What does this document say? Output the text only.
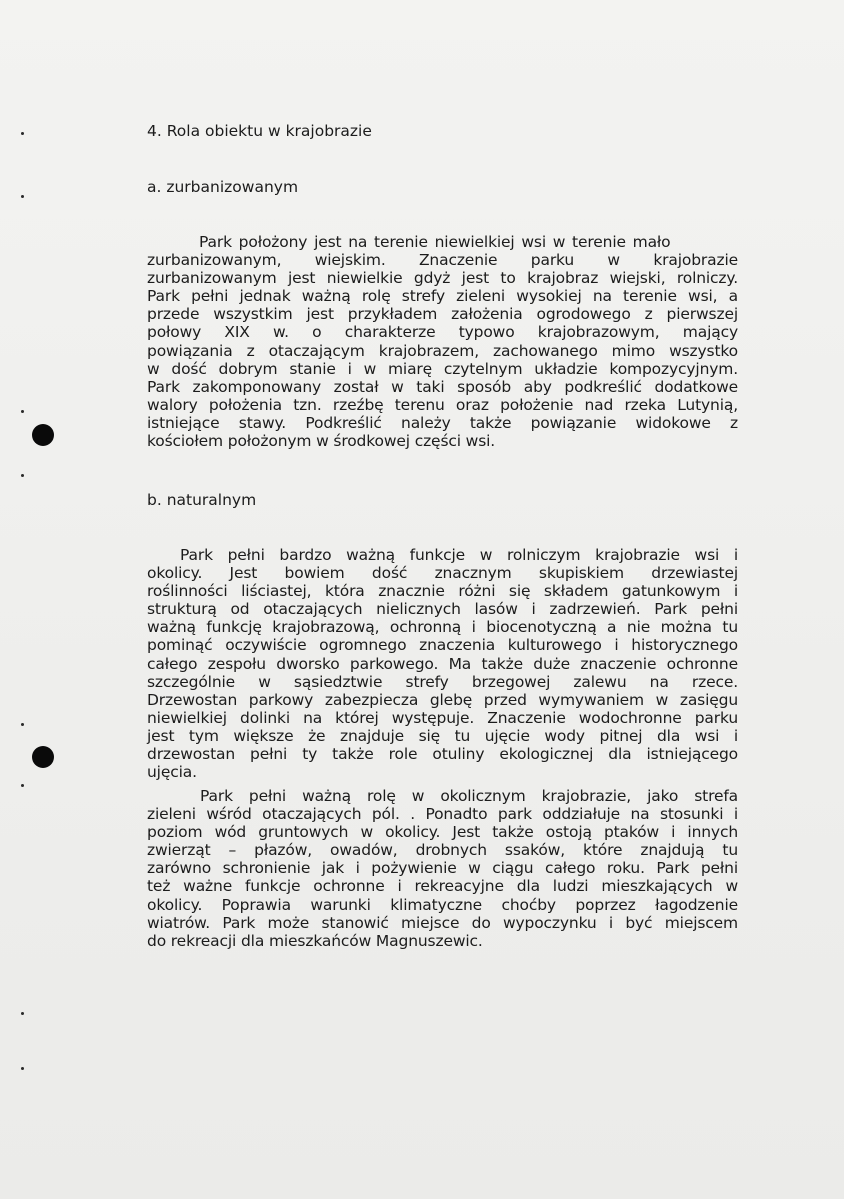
4. Rola obiektu w krajobrazie
a. zurbanizowanym
Park położony jest na terenie niewielkiej wsi w terenie mało
zurbanizowanym, wiejskim. Znaczenie parku w krajobrazie
zurbanizowanym jest niewielkie gdyż jest to krajobraz wiejski, rolniczy.
Park pełni jednak ważną rolę strefy zieleni wysokiej na terenie wsi, a
przede wszystkim jest przykładem założenia ogrodowego z pierwszej
połowy XIX w. o charakterze typowo krajobrazowym, mający
powiązania z otaczającym krajobrazem, zachowanego mimo wszystko
w dość dobrym stanie i w miarę czytelnym układzie kompozycyjnym.
Park zakomponowany został w taki sposób aby podkreślić dodatkowe
walory położenia tzn. rzeźbę terenu oraz położenie nad rzeka Lutynią,
istniejące stawy. Podkreślić należy także powiązanie widokowe z
kościołem położonym w środkowej części wsi.
b. naturalnym
Park pełni bardzo ważną funkcje w rolniczym krajobrazie wsi i
okolicy. Jest bowiem dość znacznym skupiskiem drzewiastej
roślinności liściastej, która znacznie różni się składem gatunkowym i
strukturą od otaczających nielicznych lasów i zadrzewień. Park pełni
ważną funkcję krajobrazową, ochronną i biocenotyczną a nie można tu
pominąć oczywiście ogromnego znaczenia kulturowego i historycznego
całego zespołu dworsko parkowego. Ma także duże znaczenie ochronne
szczególnie w sąsiedztwie strefy brzegowej zalewu na rzece.
Drzewostan parkowy zabezpiecza glebę przed wymywaniem w zasięgu
niewielkiej dolinki na której występuje. Znaczenie wodochronne parku
jest tym większe że znajduje się tu ujęcie wody pitnej dla wsi i
drzewostan pełni ty także role otuliny ekologicznej dla istniejącego
ujęcia.
Park pełni ważną rolę w okolicznym krajobrazie, jako strefa
zieleni wśród otaczających pól. . Ponadto park oddziałuje na stosunki i
poziom wód gruntowych w okolicy. Jest także ostoją ptaków i innych
zwierząt – płazów, owadów, drobnych ssaków, które znajdują tu
zarówno schronienie jak i pożywienie w ciągu całego roku. Park pełni
też ważne funkcje ochronne i rekreacyjne dla ludzi mieszkających w
okolicy. Poprawia warunki klimatyczne choćby poprzez łagodzenie
wiatrów. Park może stanowić miejsce do wypoczynku i być miejscem
do rekreacji dla mieszkańców Magnuszewic.
